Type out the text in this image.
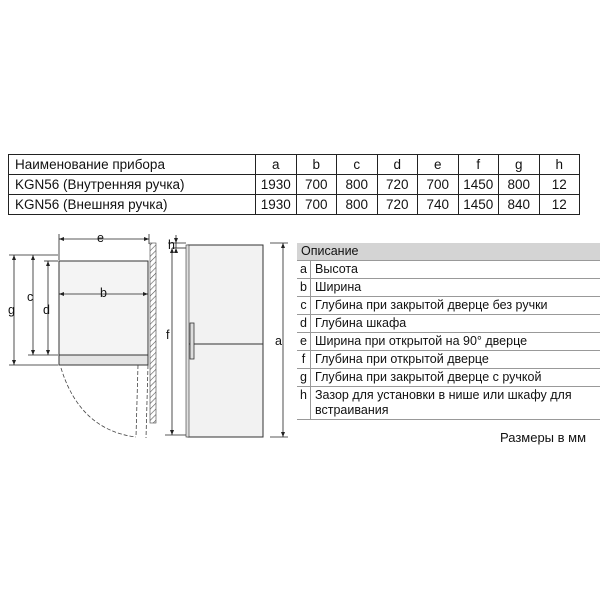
Наименование прибора	a	b	c	d	e	f	g	h
KGN56 (Внутренняя ручка)	1930	700	800	720	700	1450	800	12
KGN56 (Внешняя ручка)	1930	700	800	720	740	1450	840	12
e	h
g
c
d
b
f	a
Описание	
a	Высота
b	Ширина
c	Глубина при закрытой дверце без ручки
d	Глубина шкафа
e	Ширина при открытой на 90° дверце
f	Глубина при открытой дверце
g	Глубина при закрытой дверце с ручкой
h	Зазор для установки в нише или шкафу для встраивания
Размеры в мм
